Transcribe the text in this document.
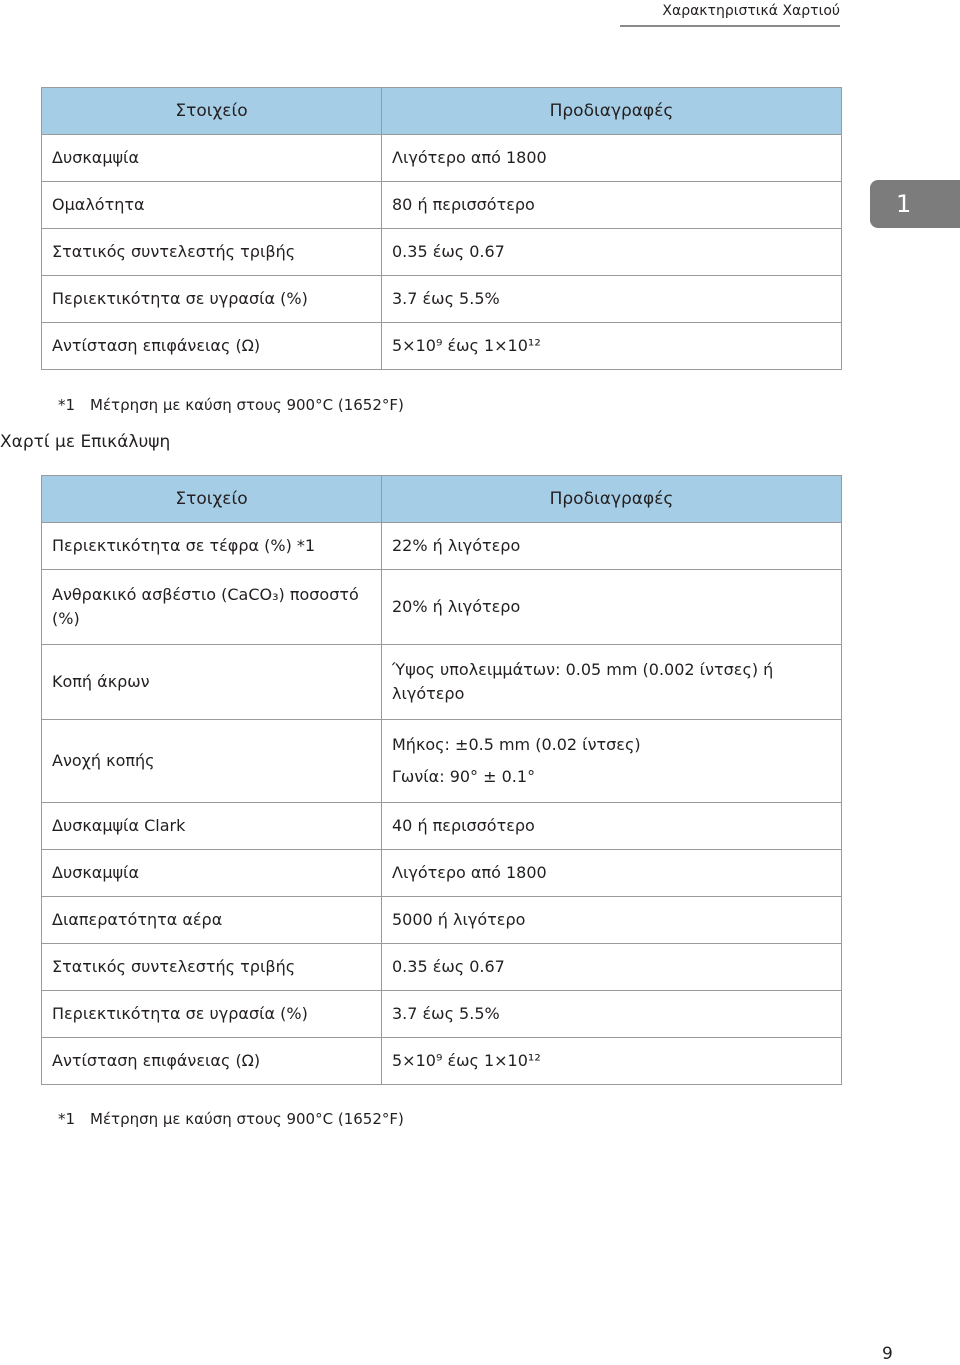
Χαρακτηριστικά Χαρτιού
1
Στοιχείο	Προδιαγραφές
Δυσκαμψία	Λιγότερο από 1800
Ομαλότητα	80 ή περισσότερο
Στατικός συντελεστής τριβής	0.35 έως 0.67
Περιεκτικότητα σε υγρασία (%)	3.7 έως 5.5%
Αντίσταση επιφάνειας (Ω)	5×10⁹ έως 1×10¹²
*1 Μέτρηση με καύση στους 900°C (1652°F)
Χαρτί με Επικάλυψη
Στοιχείο	Προδιαγραφές
Περιεκτικότητα σε τέφρα (%) *1	22% ή λιγότερο

Ανθρακικό ασβέστιο (CaCO₃) ποσοστό (%)	20% ή λιγότερο

Κοπή άκρων	Ύψος υπολειμμάτων: 0.05 mm (0.002 ίντσες) ή λιγότερο

Ανοχή κοπής	Μήκος: ±0.5 mm (0.02 ίντσες)
Γωνία: 90° ± 0.1°

Δυσκαμψία Clark	40 ή περισσότερο

Δυσκαμψία	Λιγότερο από 1800

Διαπερατότητα αέρα	5000 ή λιγότερο

Στατικός συντελεστής τριβής	0.35 έως 0.67

Περιεκτικότητα σε υγρασία (%)	3.7 έως 5.5%

Αντίσταση επιφάνειας (Ω)	5×10⁹ έως 1×10¹²
*1 Μέτρηση με καύση στους 900°C (1652°F)
9
